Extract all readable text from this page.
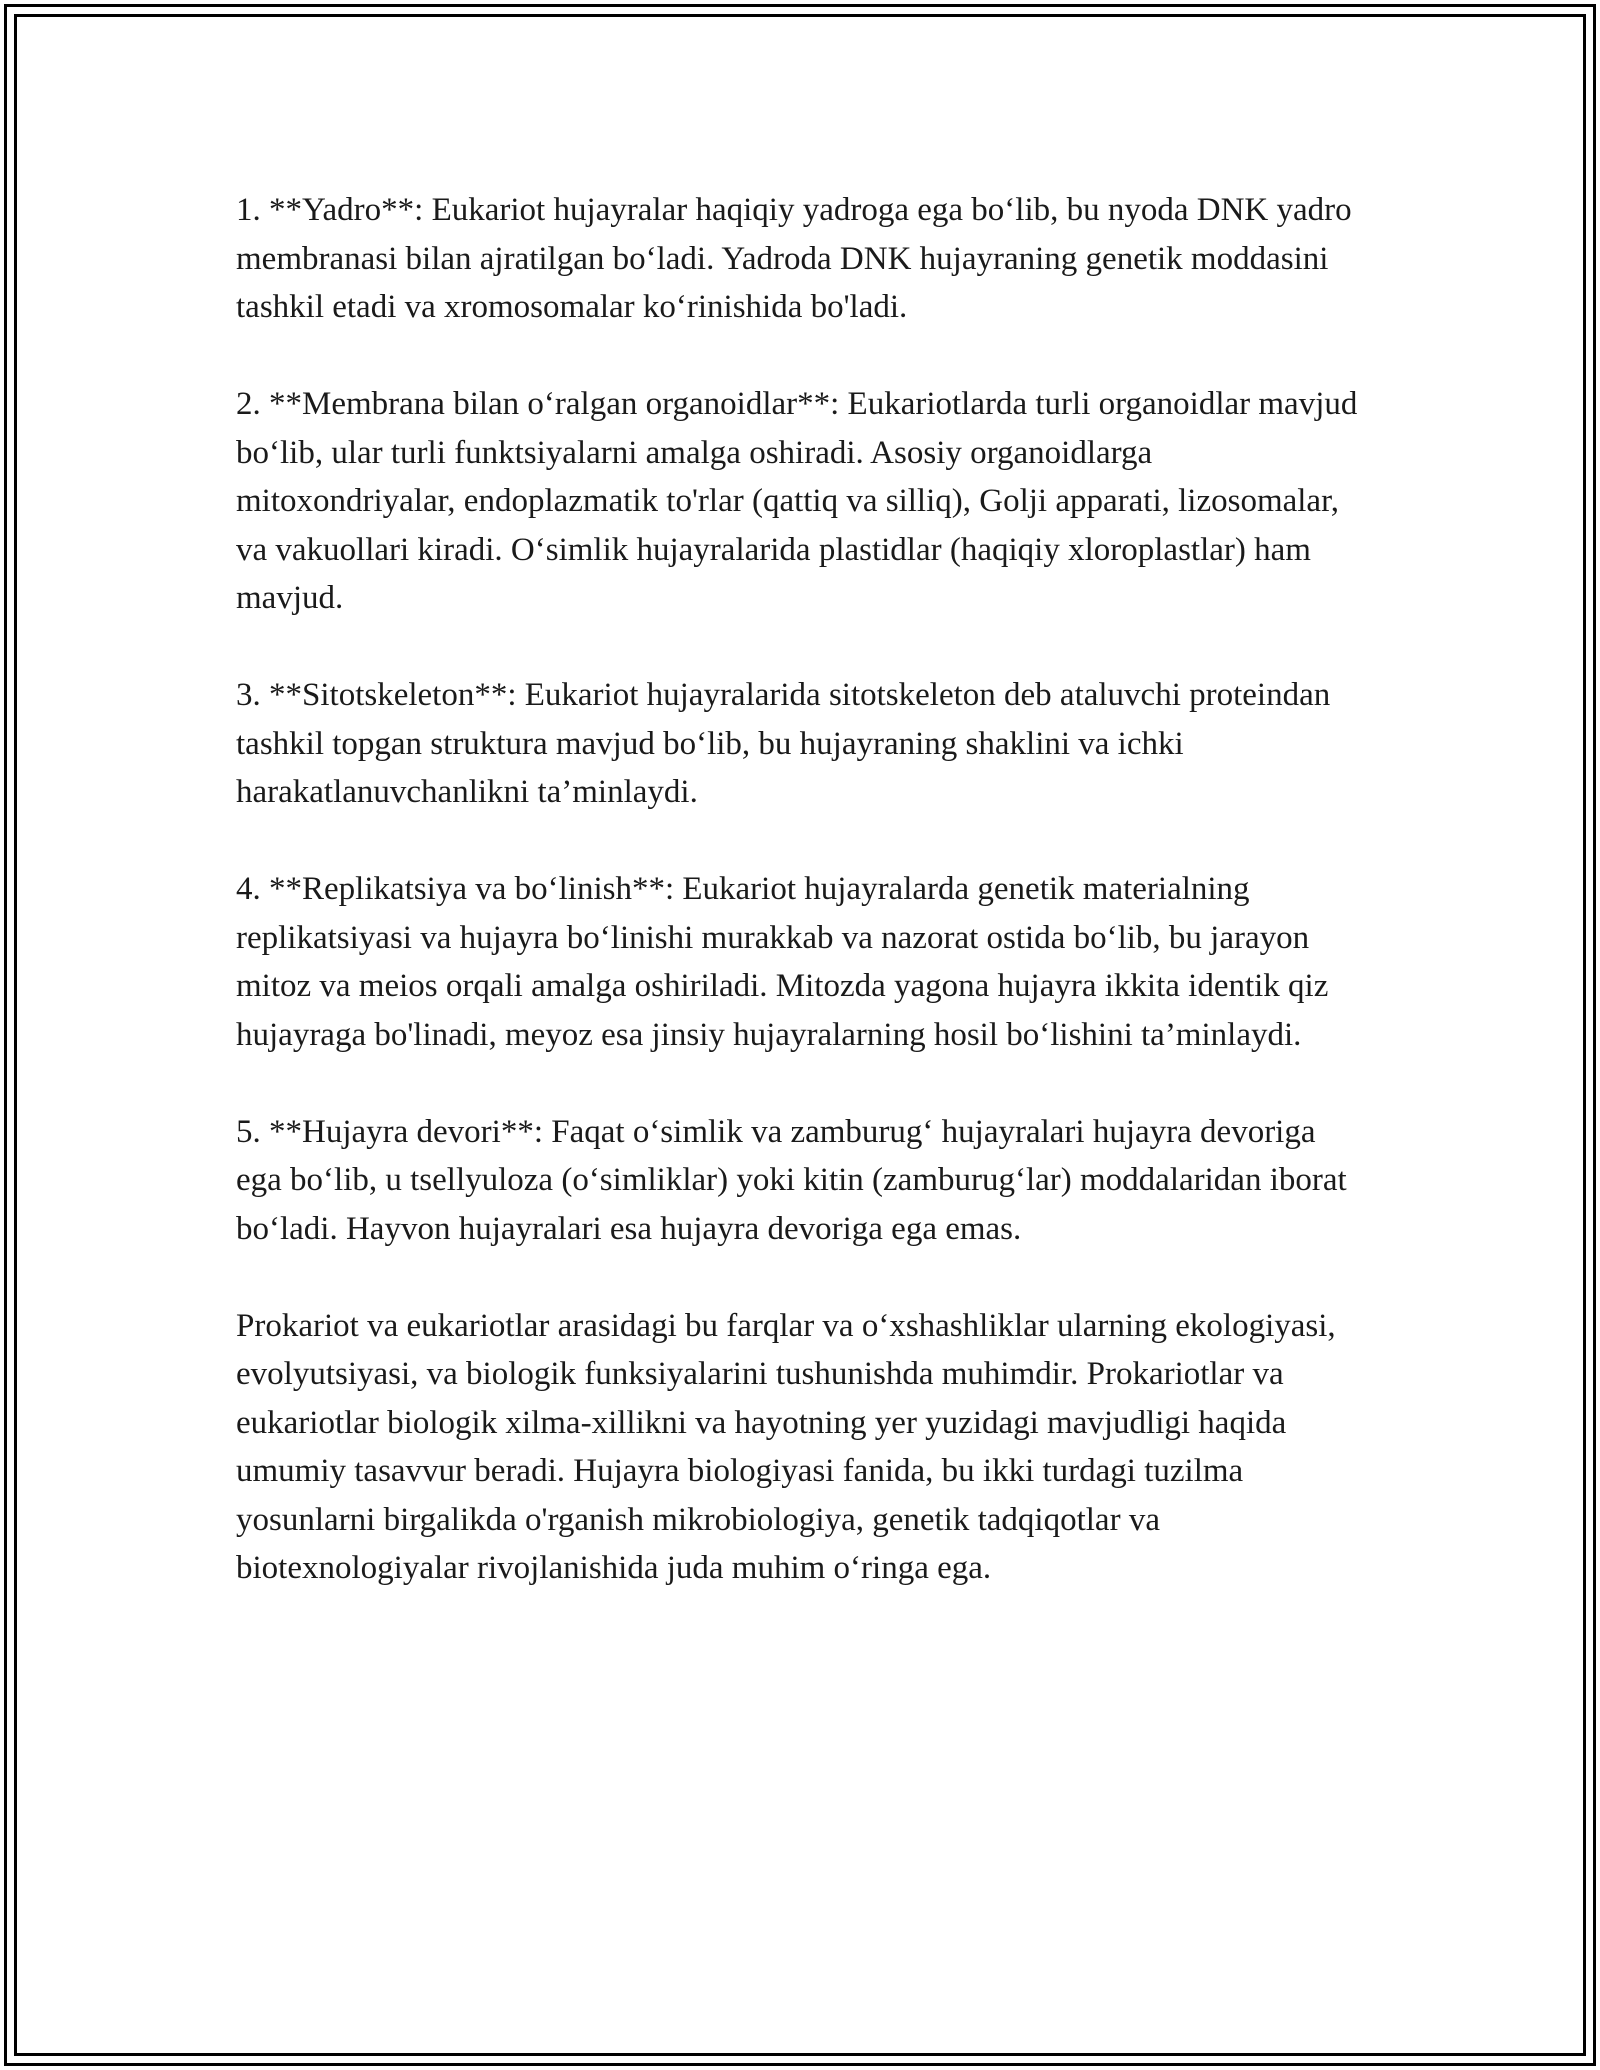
1. **Yadro**: Eukariot hujayralar haqiqiy yadroga ega bo‘lib, bu nyoda DNK yadro membranasi bilan ajratilgan bo‘ladi. Yadroda DNK hujayraning genetik moddasini tashkil etadi va xromosomalar ko‘rinishida bo'ladi.

2. **Membrana bilan o‘ralgan organoidlar**: Eukariotlarda turli organoidlar mavjud bo‘lib, ular turli funktsiyalarni amalga oshiradi. Asosiy organoidlarga mitoxondriyalar, endoplazmatik to'rlar (qattiq va silliq), Golji apparati, lizosomalar, va vakuollari kiradi. O‘simlik hujayralarida plastidlar (haqiqiy xloroplastlar) ham mavjud.

3. **Sitotskeleton**: Eukariot hujayralarida sitotskeleton deb ataluvchi proteindan tashkil topgan struktura mavjud bo‘lib, bu hujayraning shaklini va ichki harakatlanuvchanlikni ta’minlaydi.

4. **Replikatsiya va bo‘linish**: Eukariot hujayralarda genetik materialning replikatsiyasi va hujayra bo‘linishi murakkab va nazorat ostida bo‘lib, bu jarayon mitoz va meios orqali amalga oshiriladi. Mitozda yagona hujayra ikkita identik qiz hujayraga bo'linadi, meyoz esa jinsiy hujayralarning hosil bo‘lishini ta’minlaydi.

5. **Hujayra devori**: Faqat o‘simlik va zamburug‘ hujayralari hujayra devoriga ega bo‘lib, u tsellyuloza (o‘simliklar) yoki kitin (zamburug‘lar) moddalaridan iborat bo‘ladi. Hayvon hujayralari esa hujayra devoriga ega emas.

Prokariot va eukariotlar arasidagi bu farqlar va o‘xshashliklar ularning ekologiyasi, evolyutsiyasi, va biologik funksiyalarini tushunishda muhimdir. Prokariotlar va eukariotlar biologik xilma-xillikni va hayotning yer yuzidagi mavjudligi haqida umumiy tasavvur beradi. Hujayra biologiyasi fanida, bu ikki turdagi tuzilma yosunlarni birgalikda o'rganish mikrobiologiya, genetik tadqiqotlar va biotexnologiyalar rivojlanishida juda muhim o‘ringa ega.
